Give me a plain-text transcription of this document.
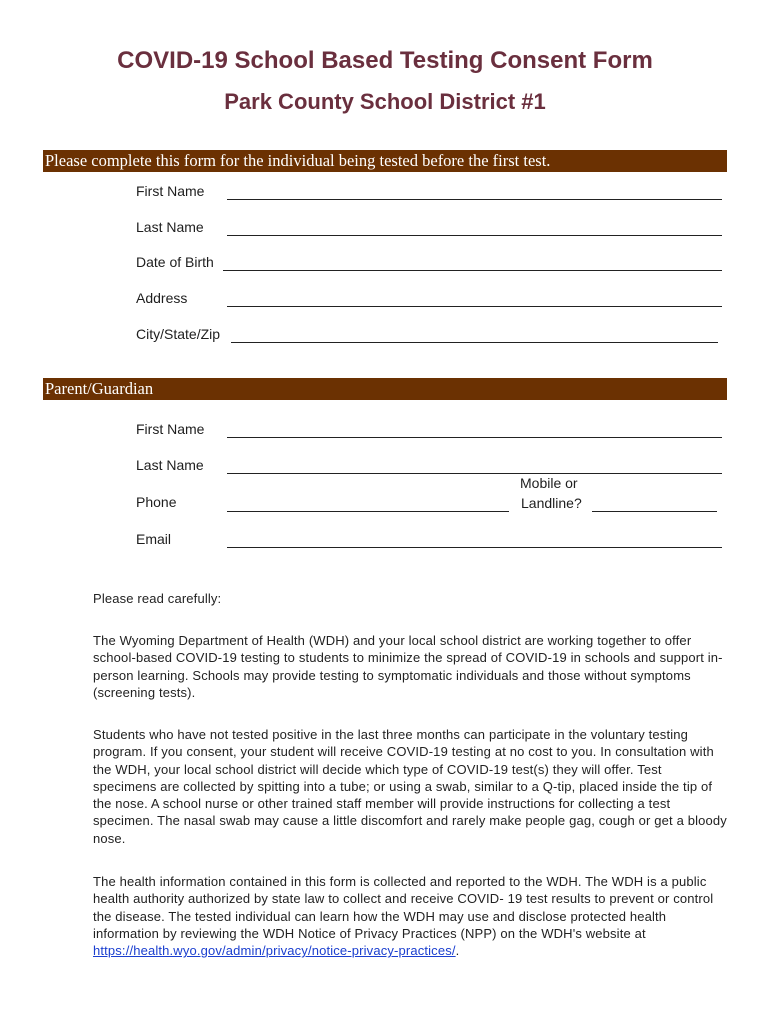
COVID-19 School Based Testing Consent Form
Park County School District #1
Please complete this form for the individual being tested before the first test.
First Name
Last Name
Date of Birth
Address
City/State/Zip
Parent/Guardian
First Name
Last Name
Phone
Mobile or
Landline?
Email
Please read carefully:
The Wyoming Department of Health (WDH) and your local school district are working together to offer school-based COVID-19 testing to students to minimize the spread of COVID-19 in schools and support in-person learning. Schools may provide testing to symptomatic individuals and those without symptoms (screening tests).
Students who have not tested positive in the last three months can participate in the voluntary testing program. If you consent, your student will receive COVID-19 testing at no cost to you. In consultation with the WDH, your local school district will decide which type of COVID-19 test(s) they will offer. Test specimens are collected by spitting into a tube; or using a swab, similar to a Q-tip, placed inside the tip of the nose. A school nurse or other trained staff member will provide instructions for collecting a test specimen. The nasal swab may cause a little discomfort and rarely make people gag, cough or get a bloody nose.
The health information contained in this form is collected and reported to the WDH. The WDH is a public health authority authorized by state law to collect and receive COVID- 19 test results to prevent or control the disease. The tested individual can learn how the WDH may use and disclose protected health information by reviewing the WDH Notice of Privacy Practices (NPP) on the WDH's website at https://health.wyo.gov/admin/privacy/notice-privacy-practices/.
